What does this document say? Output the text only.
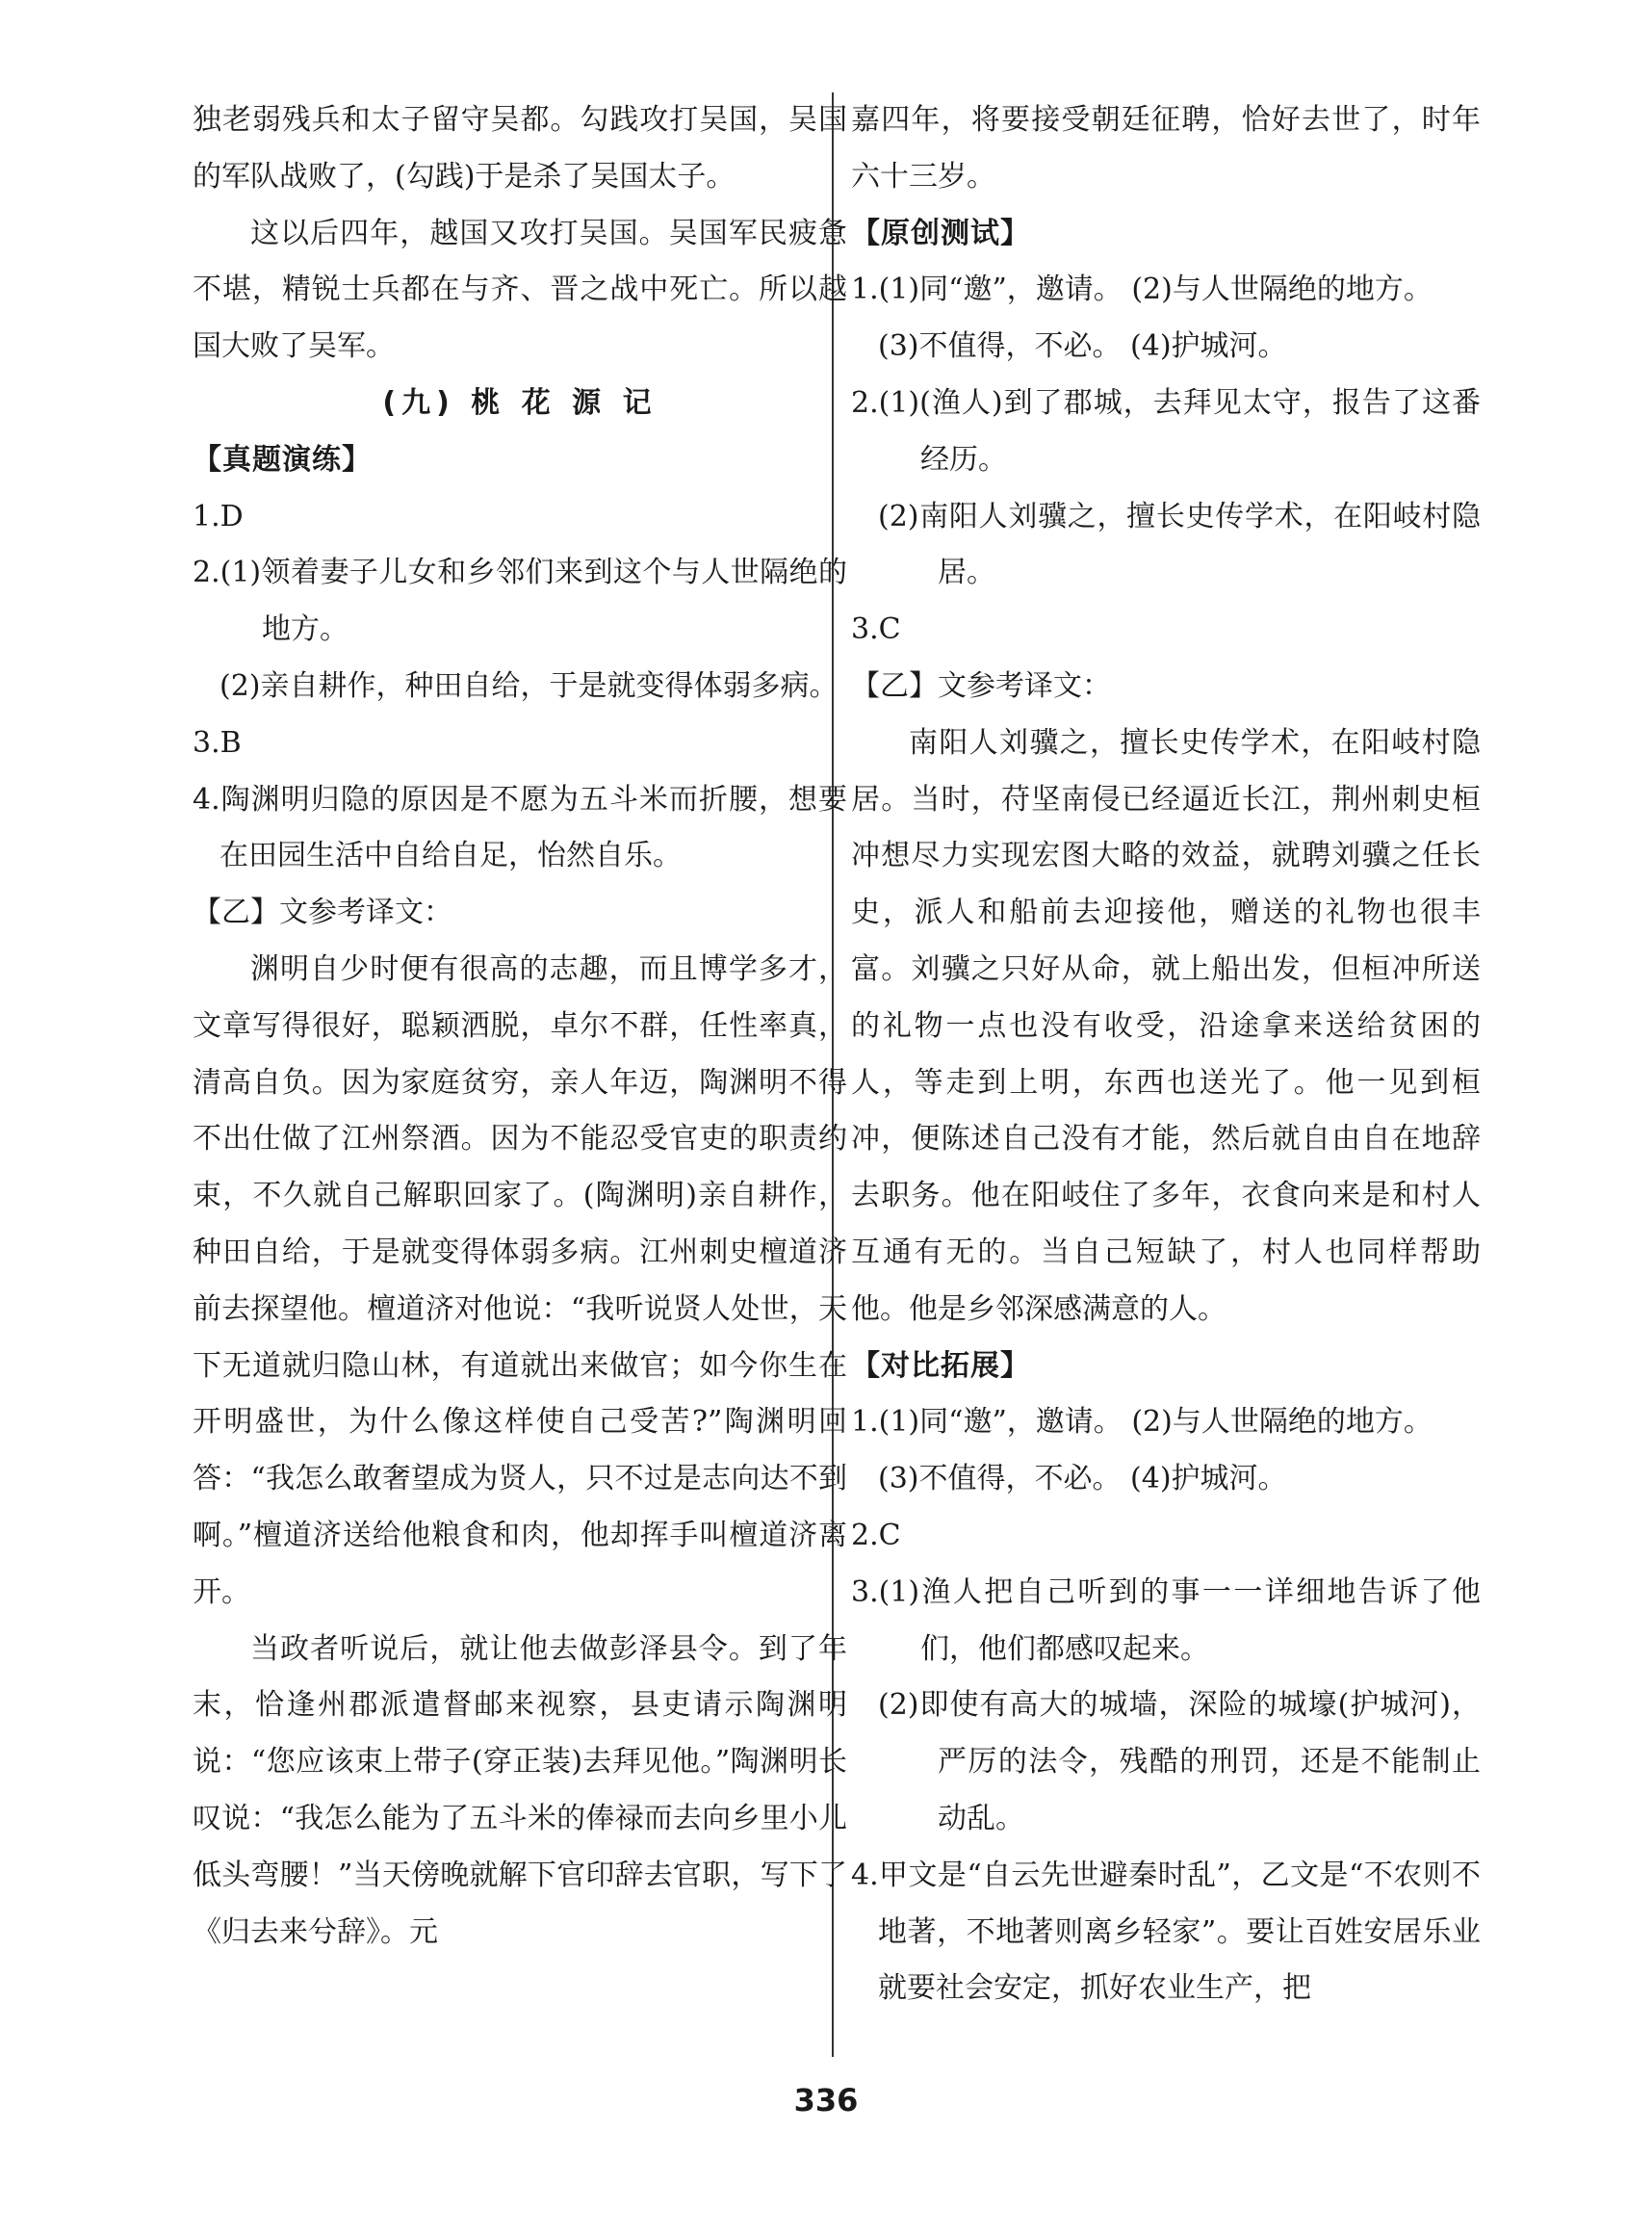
独老弱残兵和太子留守吴都。勾践攻打吴国，吴国的军队战败了，(勾践)于是杀了吴国太子。

这以后四年，越国又攻打吴国。吴国军民疲惫不堪，精锐士兵都在与齐、晋之战中死亡。所以越国大败了吴军。

(九) 桃 花 源 记
【真题演练】
1.D
2.(1)领着妻子儿女和乡邻们来到这个与人世隔绝的地方。
(2)亲自耕作，种田自给，于是就变得体弱多病。
3.B
4.陶渊明归隐的原因是不愿为五斗米而折腰，想要在田园生活中自给自足，怡然自乐。
【乙】文参考译文：

渊明自少时便有很高的志趣，而且博学多才，文章写得很好，聪颖洒脱，卓尔不群，任性率真，清高自负。因为家庭贫穷，亲人年迈，陶渊明不得不出仕做了江州祭酒。因为不能忍受官吏的职责约束，不久就自己解职回家了。(陶渊明)亲自耕作，种田自给，于是就变得体弱多病。江州刺史檀道济前去探望他。檀道济对他说：“我听说贤人处世，天下无道就归隐山林，有道就出来做官；如今你生在开明盛世，为什么像这样使自己受苦?”陶渊明回答：“我怎么敢奢望成为贤人，只不过是志向达不到啊。”檀道济送给他粮食和肉，他却挥手叫檀道济离开。

当政者听说后，就让他去做彭泽县令。到了年末，恰逢州郡派遣督邮来视察，县吏请示陶渊明说：“您应该束上带子(穿正装)去拜见他。”陶渊明长叹说：“我怎么能为了五斗米的俸禄而去向乡里小儿低头弯腰！”当天傍晚就解下官印辞去官职，写下了《归去来兮辞》。元

嘉四年，将要接受朝廷征聘，恰好去世了，时年六十三岁。

【原创测试】
1.(1)同“邀”，邀请。 (2)与人世隔绝的地方。
(3)不值得，不必。 (4)护城河。
2.(1)(渔人)到了郡城，去拜见太守，报告了这番经历。
(2)南阳人刘骥之，擅长史传学术，在阳岐村隐居。
3.C
【乙】文参考译文：

南阳人刘骥之，擅长史传学术，在阳岐村隐居。当时，苻坚南侵已经逼近长江，荆州刺史桓冲想尽力实现宏图大略的效益，就聘刘骥之任长史，派人和船前去迎接他，赠送的礼物也很丰富。刘骥之只好从命，就上船出发，但桓冲所送的礼物一点也没有收受，沿途拿来送给贫困的人，等走到上明，东西也送光了。他一见到桓冲，便陈述自己没有才能，然后就自由自在地辞去职务。他在阳岐住了多年，衣食向来是和村人互通有无的。当自己短缺了，村人也同样帮助他。他是乡邻深感满意的人。

【对比拓展】
1.(1)同“邀”，邀请。 (2)与人世隔绝的地方。
(3)不值得，不必。 (4)护城河。
2.C
3.(1)渔人把自己听到的事一一详细地告诉了他们，他们都感叹起来。
(2)即使有高大的城墙，深险的城壕(护城河)，严厉的法令，残酷的刑罚，还是不能制止动乱。
4.甲文是“自云先世避秦时乱”，乙文是“不农则不地著，不地著则离乡轻家”。要让百姓安居乐业就要社会安定，抓好农业生产，把
336
